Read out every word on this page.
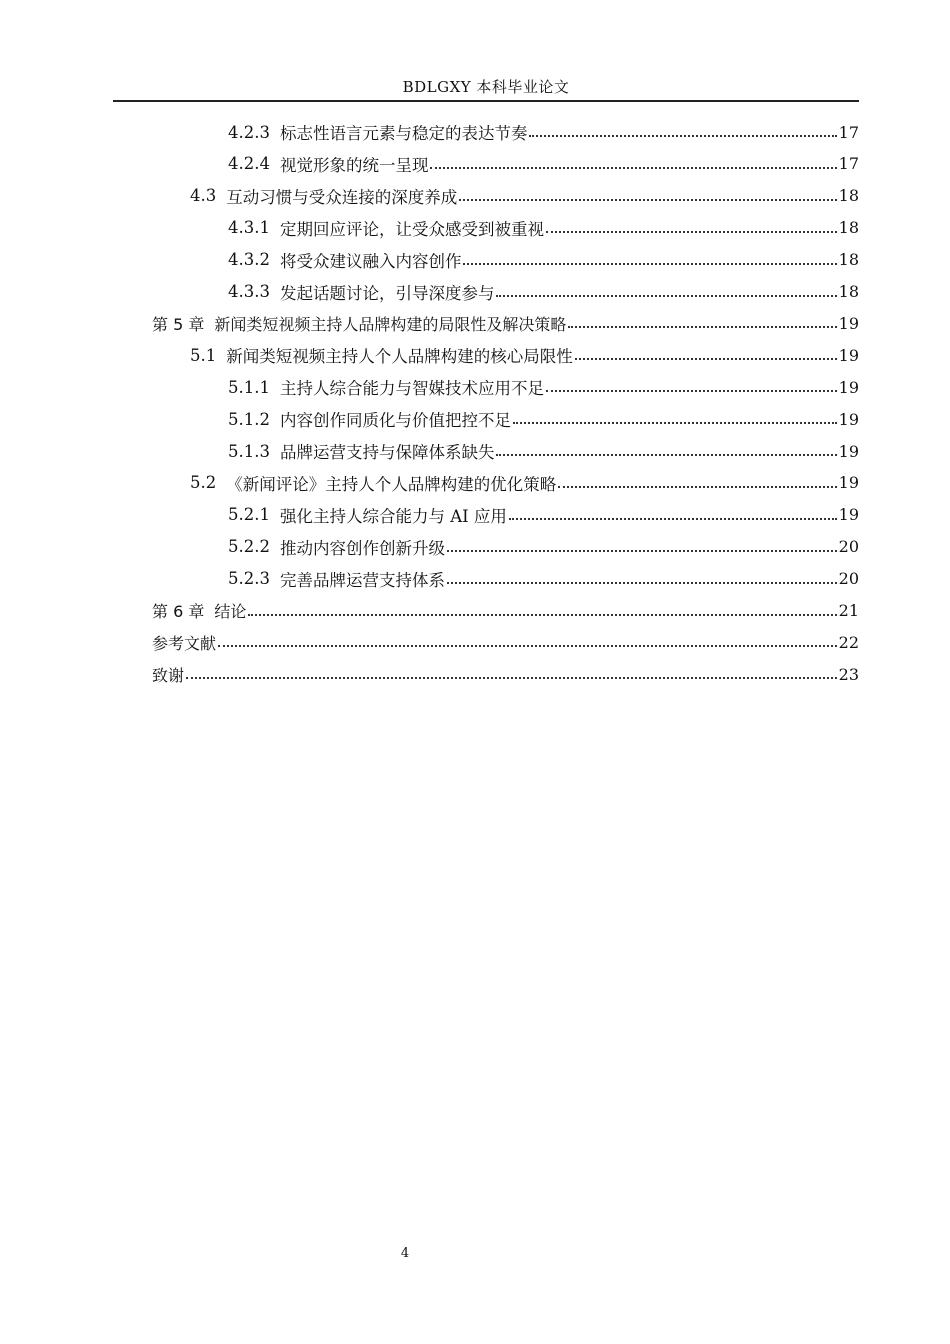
BDLGXY 本科毕业论文
4.2.3 标志性语言元素与稳定的表达节奏	17
4.2.4 视觉形象的统一呈现	17
4.3 互动习惯与受众连接的深度养成	18
4.3.1 定期回应评论，让受众感受到被重视	18
4.3.2 将受众建议融入内容创作	18
4.3.3 发起话题讨论，引导深度参与	18
第 5 章 新闻类短视频主持人品牌构建的局限性及解决策略	19
5.1 新闻类短视频主持人个人品牌构建的核心局限性	19
5.1.1 主持人综合能力与智媒技术应用不足	19
5.1.2 内容创作同质化与价值把控不足	19
5.1.3 品牌运营支持与保障体系缺失	19
5.2 《新闻评论》主持人个人品牌构建的优化策略	19
5.2.1 强化主持人综合能力与 AI 应用	19
5.2.2 推动内容创作创新升级	20
5.2.3 完善品牌运营支持体系	20
第 6 章 结论	21
参考文献	22
致谢	23
4
